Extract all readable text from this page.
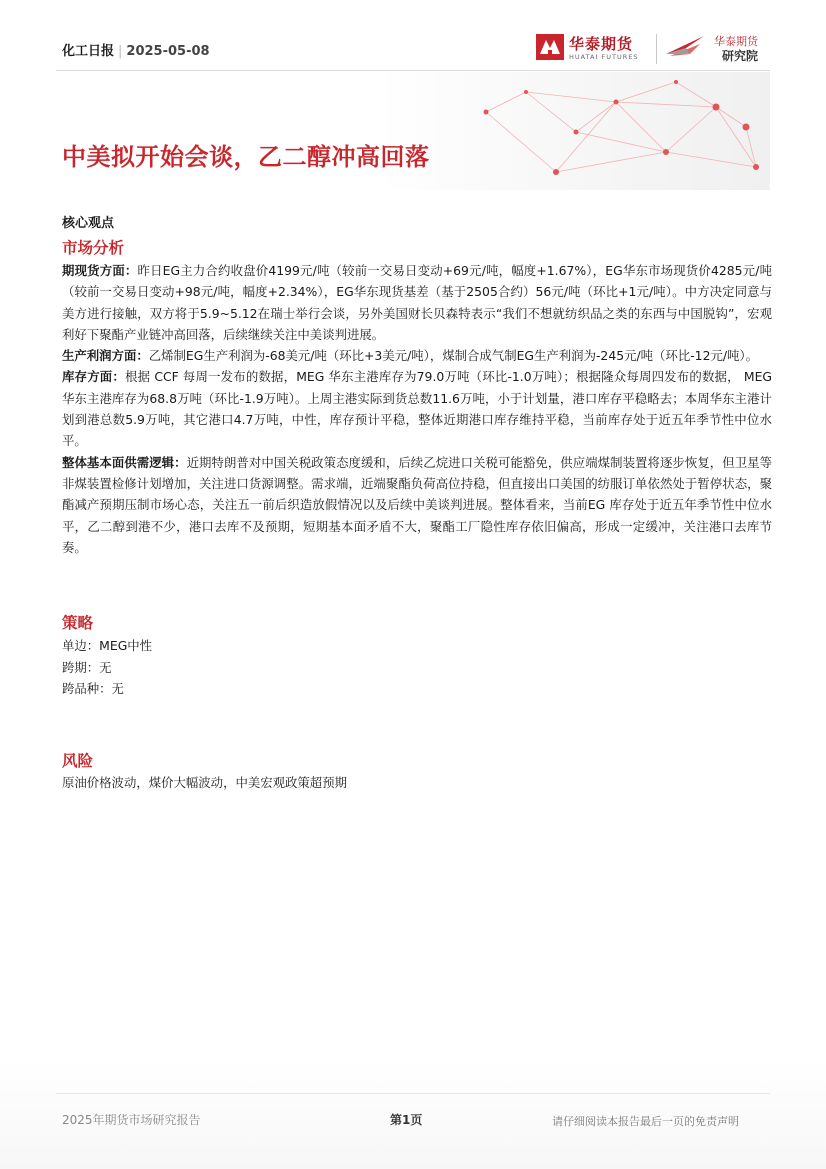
化工日报 | 2025-05-08	华泰期货
HUATAI FUTURES
华泰期货
研究院
中美拟开始会谈，乙二醇冲高回落
核心观点
市场分析
期现货方面：昨日EG主力合约收盘价4199元/吨（较前一交易日变动+69元/吨，幅度+1.67%），EG华东市场现货价4285元/吨（较前一交易日变动+98元/吨，幅度+2.34%），EG华东现货基差（基于2505合约）56元/吨（环比+1元/吨）。中方决定同意与美方进行接触，双方将于5.9~5.12在瑞士举行会谈，另外美国财长贝森特表示“我们不想就纺织品之类的东西与中国脱钩”，宏观利好下聚酯产业链冲高回落，后续继续关注中美谈判进展。
生产利润方面：乙烯制EG生产利润为-68美元/吨（环比+3美元/吨），煤制合成气制EG生产利润为-245元/吨（环比-12元/吨）。
库存方面：根据 CCF 每周一发布的数据，MEG 华东主港库存为79.0万吨（环比-1.0万吨）；根据隆众每周四发布的数据， MEG 华东主港库存为68.8万吨（环比-1.9万吨）。上周主港实际到货总数11.6万吨，小于计划量，港口库存平稳略去；本周华东主港计划到港总数5.9万吨，其它港口4.7万吨，中性，库存预计平稳，整体近期港口库存维持平稳，当前库存处于近五年季节性中位水平。
整体基本面供需逻辑：近期特朗普对中国关税政策态度缓和，后续乙烷进口关税可能豁免，供应端煤制装置将逐步恢复，但卫星等非煤装置检修计划增加，关注进口货源调整。需求端，近端聚酯负荷高位持稳，但直接出口美国的纺服订单依然处于暂停状态，聚酯减产预期压制市场心态，关注五一前后织造放假情况以及后续中美谈判进展。整体看来，当前EG 库存处于近五年季节性中位水平，乙二醇到港不少，港口去库不及预期，短期基本面矛盾不大，聚酯工厂隐性库存依旧偏高，形成一定缓冲，关注港口去库节奏。
策略
单边：MEG中性
跨期：无
跨品种：无
风险
原油价格波动，煤价大幅波动，中美宏观政策超预期
2025年期货市场研究报告	第1页	请仔细阅读本报告最后一页的免责声明
